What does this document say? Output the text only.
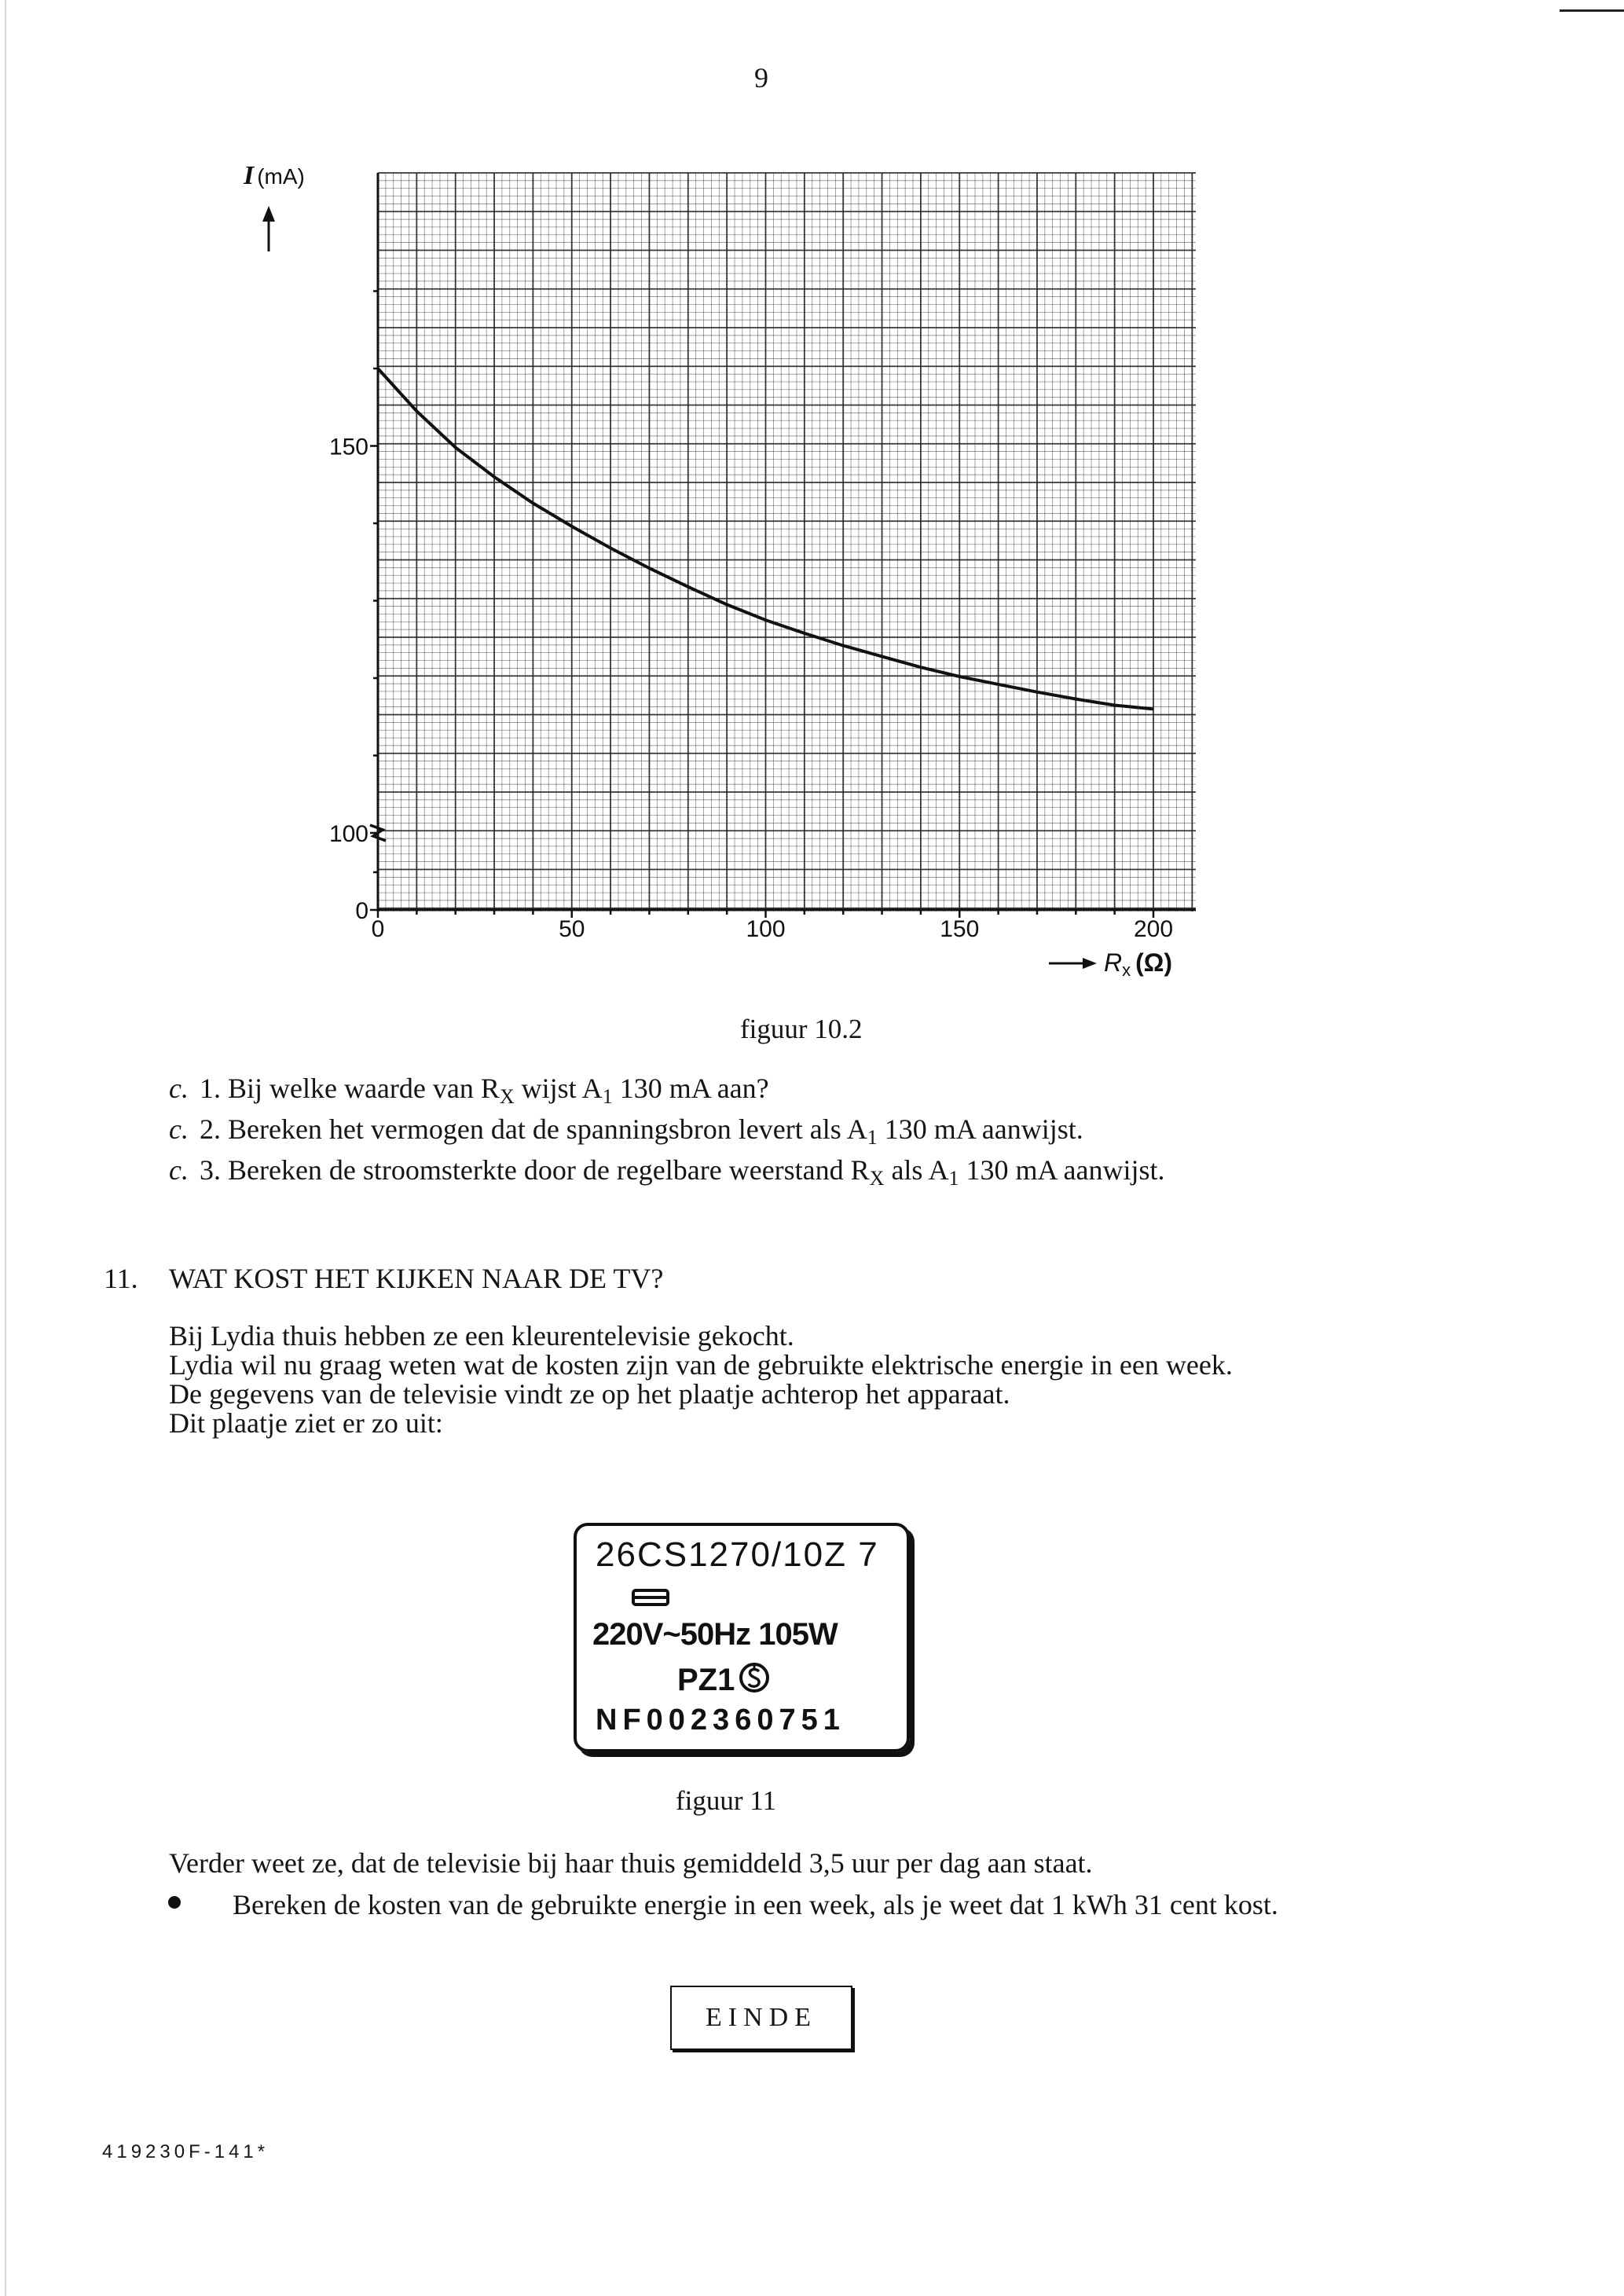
9
0	50	100	150	200
0
100
150
I (mA)
Rx (Ω)
figuur 10.2
c. 1. Bij welke waarde van $R_X$ wijst $A_1$ 130 mA aan?
c. 2. Bereken het vermogen dat de spanningsbron levert als $A_1$ 130 mA aanwijst.
c. 3. Bereken de stroomsterkte door de regelbare weerstand $R_X$ als $A_1$ 130 mA aanwijst.
11. WAT KOST HET KIJKEN NAAR DE TV?
Bij Lydia thuis hebben ze een kleurentelevisie gekocht.
Lydia wil nu graag weten wat de kosten zijn van de gebruikte elektrische energie in een week.
De gegevens van de televisie vindt ze op het plaatje achterop het apparaat.
Dit plaatje ziet er zo uit:
26CS1270/10Z 7
220V~50Hz 105W
PZ1
NF002360751
figuur 11
Verder weet ze, dat de televisie bij haar thuis gemiddeld 3,5 uur per dag aan staat.
Bereken de kosten van de gebruikte energie in een week, als je weet dat 1 kWh 31 cent kost.
EINDE
419230F-141*
